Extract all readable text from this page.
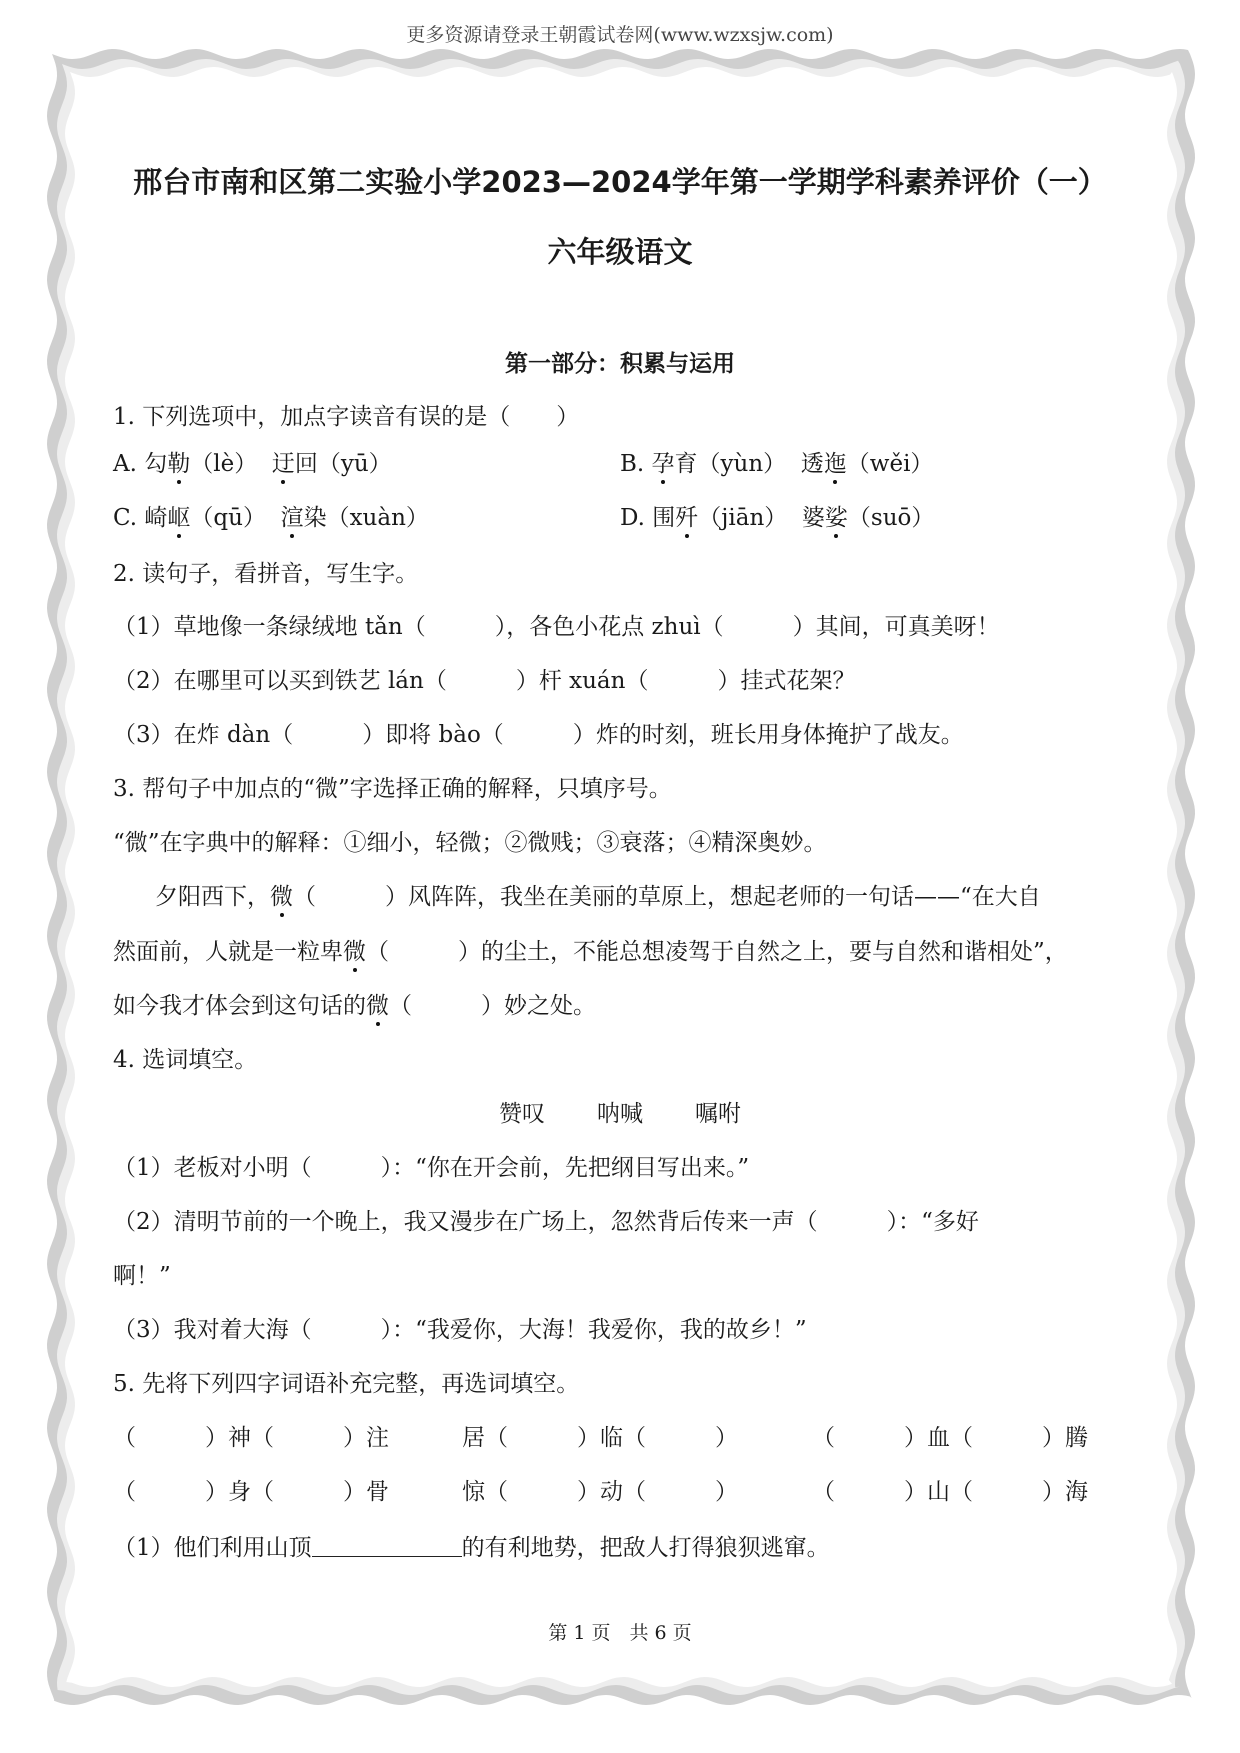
更多资源请登录王朝霞试卷网(www.wzxsjw.com)
邢台市南和区第二实验小学2023—2024学年第一学期学科素养评价（一）
六年级语文
第一部分：积累与运用
1. 下列选项中，加点字读音有误的是（　　）
A. 勾勒（lè） 迂回（yū）	B. 孕育（yùn） 透迤（wěi）
C. 崎岖（qū） 渲染（xuàn）	D. 围歼（jiān） 婆娑（suō）
2. 读句子，看拼音，写生字。
（1）草地像一条绿绒地 tǎn（　　　），各色小花点 zhuì（　　　）其间，可真美呀！
（2）在哪里可以买到铁艺 lán（　　　）杆 xuán（　　　）挂式花架？
（3）在炸 dàn（　　　）即将 bào（　　　）炸的时刻，班长用身体掩护了战友。
3. 帮句子中加点的“微”字选择正确的解释，只填序号。
“微”在字典中的解释：①细小，轻微；②微贱；③衰落；④精深奥妙。
夕阳西下，微（　　　）风阵阵，我坐在美丽的草原上，想起老师的一句话——“在大自
然面前，人就是一粒卑微（　　　）的尘土，不能总想凌驾于自然之上，要与自然和谐相处”，
如今我才体会到这句话的微（　　　）妙之处。
4. 选词填空。
赞叹 呐喊 嘱咐
（1）老板对小明（　　　）：“你在开会前，先把纲目写出来。”
（2）清明节前的一个晚上，我又漫步在广场上，忽然背后传来一声（　　　）：“多好
啊！”
（3）我对着大海（　　　）：“我爱你，大海！我爱你，我的故乡！”
5. 先将下列四字词语补充完整，再选词填空。
（　　　）神（　　　）注	居（　　　）临（　　　）	（　　　）血（　　　）腾
（　　　）身（　　　）骨	惊（　　　）动（　　　）	（　　　）山（　　　）海
（1）他们利用山顶	的有利地势，把敌人打得狼狈逃窜。
第 1 页　共 6 页
